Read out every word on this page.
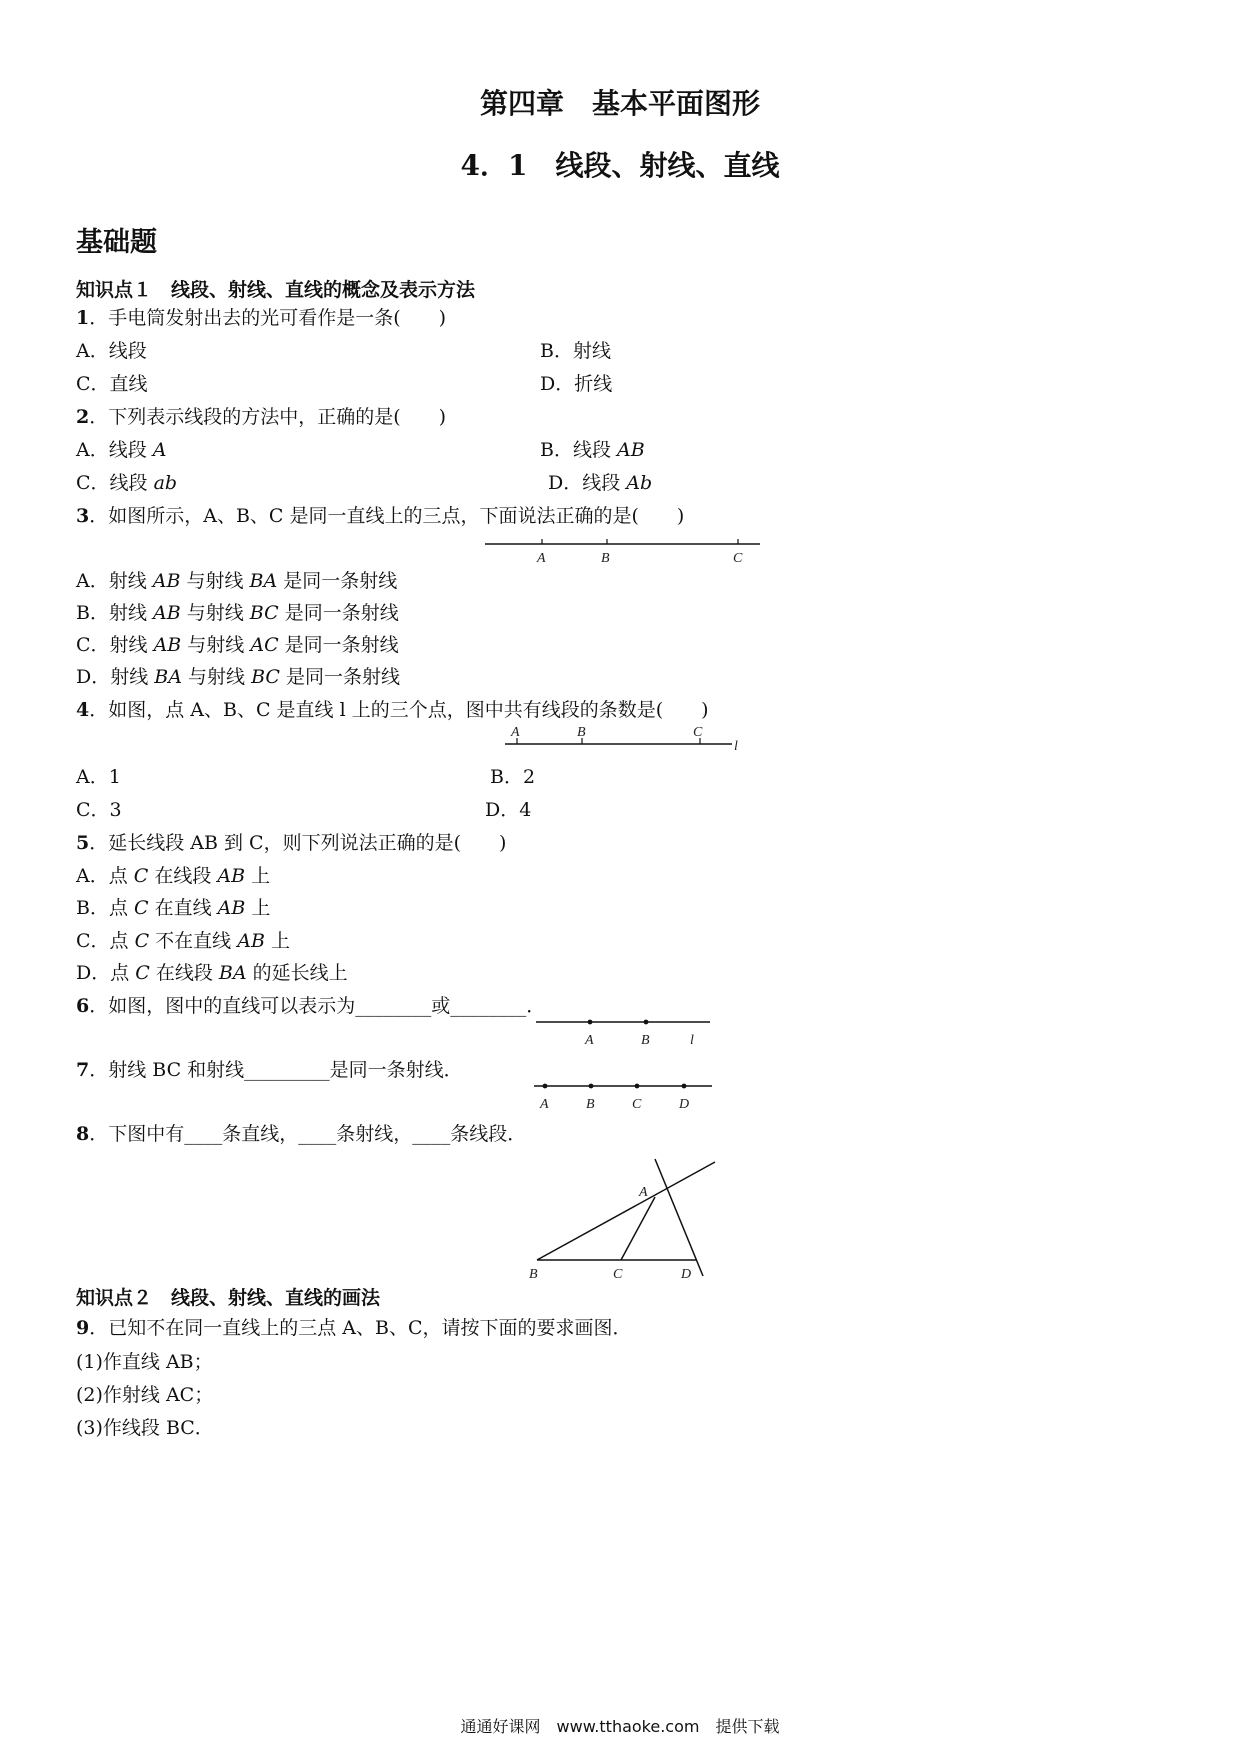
第四章　基本平面图形
4．1　线段、射线、直线
基础题
知识点１　线段、射线、直线的概念及表示方法
1．手电筒发射出去的光可看作是一条(　　)
A．线段	B．射线
C．直线	D．折线
2．下列表示线段的方法中，正确的是(　　)
A．线段 A	B．线段 AB
C．线段 ab	D．线段 Ab
3．如图所示，A、B、C 是同一直线上的三点，下面说法正确的是(　　)
A	B	C
A．射线 AB 与射线 BA 是同一条射线
B．射线 AB 与射线 BC 是同一条射线
C．射线 AB 与射线 AC 是同一条射线
D．射线 BA 与射线 BC 是同一条射线
4．如图，点 A、B、C 是直线 l 上的三个点，图中共有线段的条数是(　　)
A	B	C
l
A．1	B．2
C．3	D．4
5．延长线段 AB 到 C，则下列说法正确的是(　　)
A．点 C 在线段 AB 上
B．点 C 在直线 AB 上
C．点 C 不在直线 AB 上
D．点 C 在线段 BA 的延长线上
6．如图，图中的直线可以表示为________或________．
A	B	l
7．射线 BC 和射线_________是同一条射线．
A	B	C	D
8．下图中有____条直线，____条射线，____条线段．
A
B	C	D
知识点２　线段、射线、直线的画法
9．已知不在同一直线上的三点 A、B、C，请按下面的要求画图．
(1)作直线 AB；
(2)作射线 AC；
(3)作线段 BC．
通通好课网　www.tthaoke.com　提供下载
